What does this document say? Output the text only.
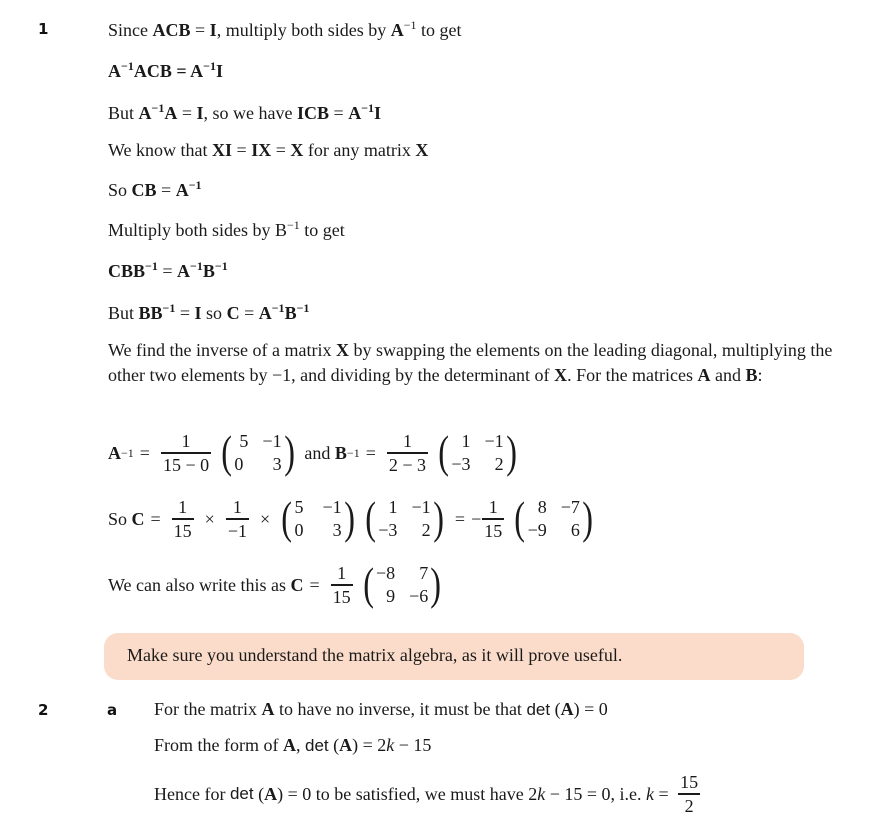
1	Since ACB = I, multiply both sides by $A^{-1}$ to get
$A^{-1}ACB = A^{-1}I$
But $A^{-1}A = I$, so we have ICB = $A^{-1}I$
We know that XI = IX = X for any matrix X
So CB = $A^{-1}$
Multiply both sides by $B^{-1}$ to get
$CBB^{-1} = A^{-1}B^{-1}$
But $BB^{-1} = I$ so $C = A^{-1}B^{-1}$
We find the inverse of a matrix X by swapping the elements on the leading diagonal, multiplying the other two elements by −1, and dividing by the determinant of X. For the matrices A and B:
$A -1 = \frac{1}{15 - 0}$ ( 5 −1
0	3 ) and $B -1 = \frac{1}{2 - 3}$ ( 1 −1
−3	2 )
So $C = \frac{1}{15} \times \frac{1}{-1}$ × ( 5 −1
0	3 ) ( 1 −1
−3	2 ) = − $\frac{1}{15}$ ( 8 −7
−9	6 )
We can also write this as $C = \frac{1}{15}$ ( −8	7
9 −6 )
Make sure you understand the matrix algebra, as it will prove useful.
2	a For the matrix A to have no inverse, it must be that det (A) = 0
From the form of A, det (A) = 2k − 15
Hence for det ( A ) = 0 to be satisfied, we must have 2 k − 15 = 0, i.e. $k = \frac{15}{2}$
